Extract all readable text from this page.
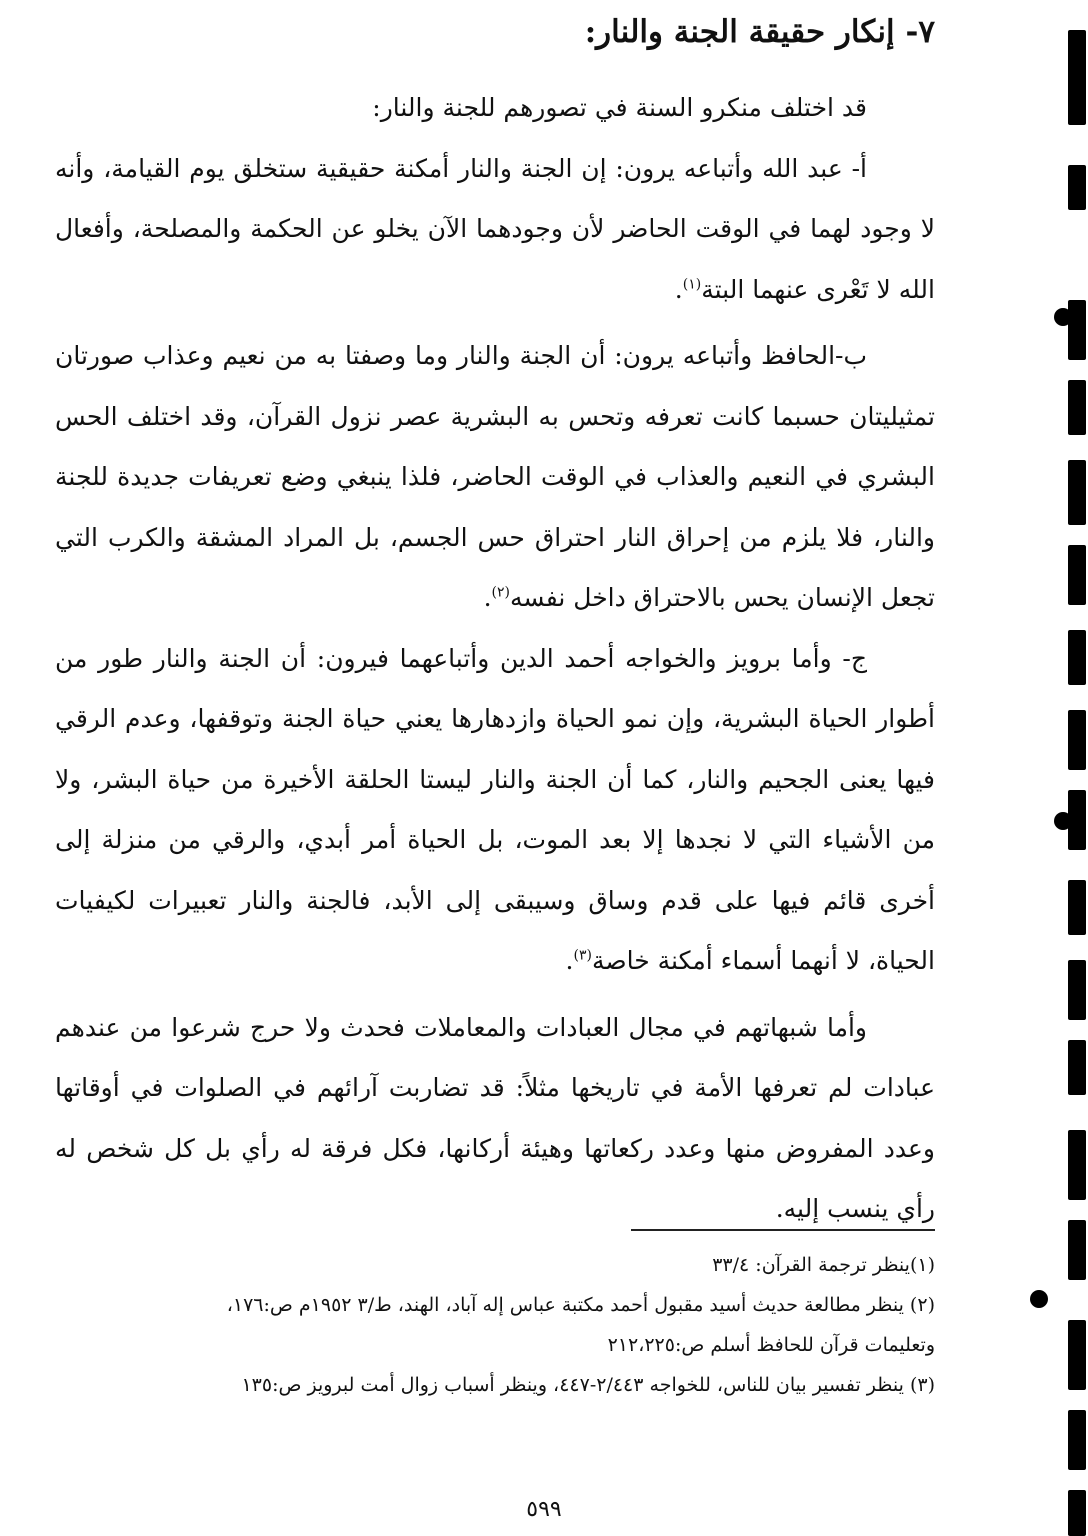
٧- إنكار حقيقة الجنة والنار:

قد اختلف منكرو السنة في تصورهم للجنة والنار:

أ- عبد الله وأتباعه يرون: إن الجنة والنار أمكنة حقيقية ستخلق يوم القيامة، وأنه لا وجود لهما في الوقت الحاضر لأن وجودهما الآن يخلو عن الحكمة والمصلحة، وأفعال الله لا تَعْرى عنهما البتة$^{(١)}$.

ب-الحافظ وأتباعه يرون: أن الجنة والنار وما وصفتا به من نعيم وعذاب صورتان تمثيليتان حسبما كانت تعرفه وتحس به البشرية عصر نزول القرآن، وقد اختلف الحس البشري في النعيم والعذاب في الوقت الحاضر، فلذا ينبغي وضع تعريفات جديدة للجنة والنار، فلا يلزم من إحراق النار احتراق حس الجسم، بل المراد المشقة والكرب التي تجعل الإنسان يحس بالاحتراق داخل نفسه$^{(٢)}$.

ج- وأما برويز والخواجه أحمد الدين وأتباعهما فيرون: أن الجنة والنار طور من أطوار الحياة البشرية، وإن نمو الحياة وازدهارها يعني حياة الجنة وتوقفها، وعدم الرقي فيها يعنى الجحيم والنار، كما أن الجنة والنار ليستا الحلقة الأخيرة من حياة البشر، ولا من الأشياء التي لا نجدها إلا بعد الموت، بل الحياة أمر أبدي، والرقي من منزلة إلى أخرى قائم فيها على قدم وساق وسيبقى إلى الأبد، فالجنة والنار تعبيرات لكيفيات الحياة، لا أنهما أسماء أمكنة خاصة$^{(٣)}$.

وأما شبهاتهم في مجال العبادات والمعاملات فحدث ولا حرج شرعوا من عندهم عبادات لم تعرفها الأمة في تاريخها مثلاً: قد تضاربت آرائهم في الصلوات في أوقاتها وعدد المفروض منها وعدد ركعاتها وهيئة أركانها، فكل فرقة له رأي بل كل شخص له رأي ينسب إليه.

(١)ينظر ترجمة القرآن: ٣٣/٤
(٢) ينظر مطالعة حديث أسيد مقبول أحمد مكتبة عباس إله آباد، الهند، ط/٣ ١٩٥٢م ص:١٧٦،
وتعليمات قرآن للحافظ أسلم ص:٢١٢،٢٢٥
(٣) ينظر تفسير بيان للناس، للخواجه ٢/٤٤٣-٤٤٧، وينظر أسباب زوال أمت لبرويز ص:١٣٥
٥٩٩
